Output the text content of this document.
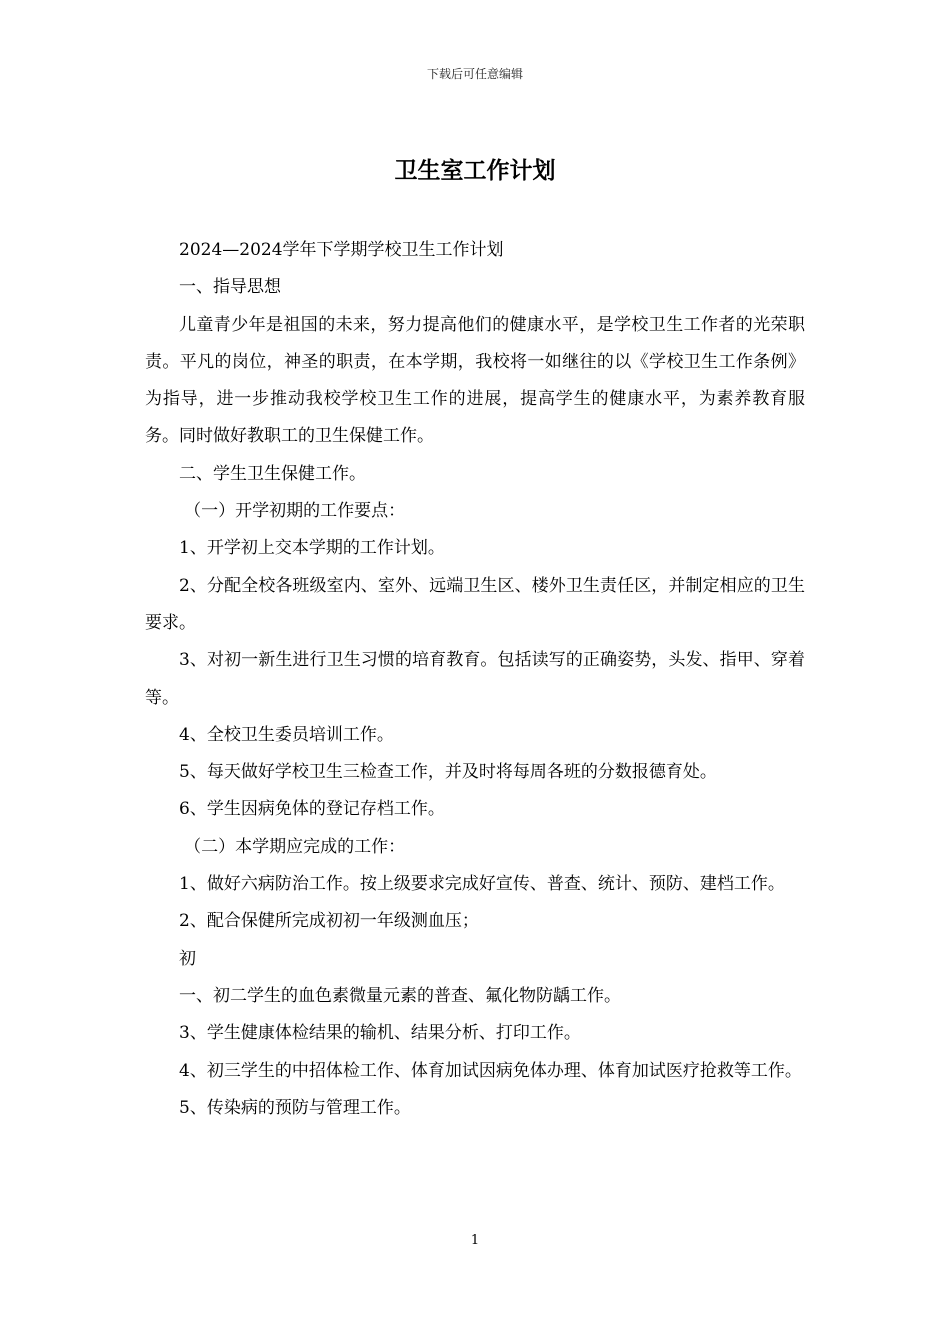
下载后可任意编辑
卫生室工作计划

2024—2024学年下学期学校卫生工作计划

一、指导思想

儿童青少年是祖国的未来，努力提高他们的健康水平，是学校卫生工作者的光荣职责。平凡的岗位，神圣的职责，在本学期，我校将一如继往的以《学校卫生工作条例》为指导，进一步推动我校学校卫生工作的进展，提高学生的健康水平，为素养教育服务。同时做好教职工的卫生保健工作。

二、学生卫生保健工作。

（一）开学初期的工作要点：

1、开学初上交本学期的工作计划。

2、分配全校各班级室内、室外、远端卫生区、楼外卫生责任区，并制定相应的卫生要求。

3、对初一新生进行卫生习惯的培育教育。包括读写的正确姿势，头发、指甲、穿着等。

4、全校卫生委员培训工作。

5、每天做好学校卫生三检查工作，并及时将每周各班的分数报德育处。

6、学生因病免体的登记存档工作。

（二）本学期应完成的工作：

1、做好六病防治工作。按上级要求完成好宣传、普查、统计、预防、建档工作。

2、配合保健所完成初初一年级测血压；

初

一、初二学生的血色素微量元素的普查、氟化物防龋工作。

3、学生健康体检结果的输机、结果分析、打印工作。

4、初三学生的中招体检工作、体育加试因病免体办理、体育加试医疗抢救等工作。

5、传染病的预防与管理工作。

1
